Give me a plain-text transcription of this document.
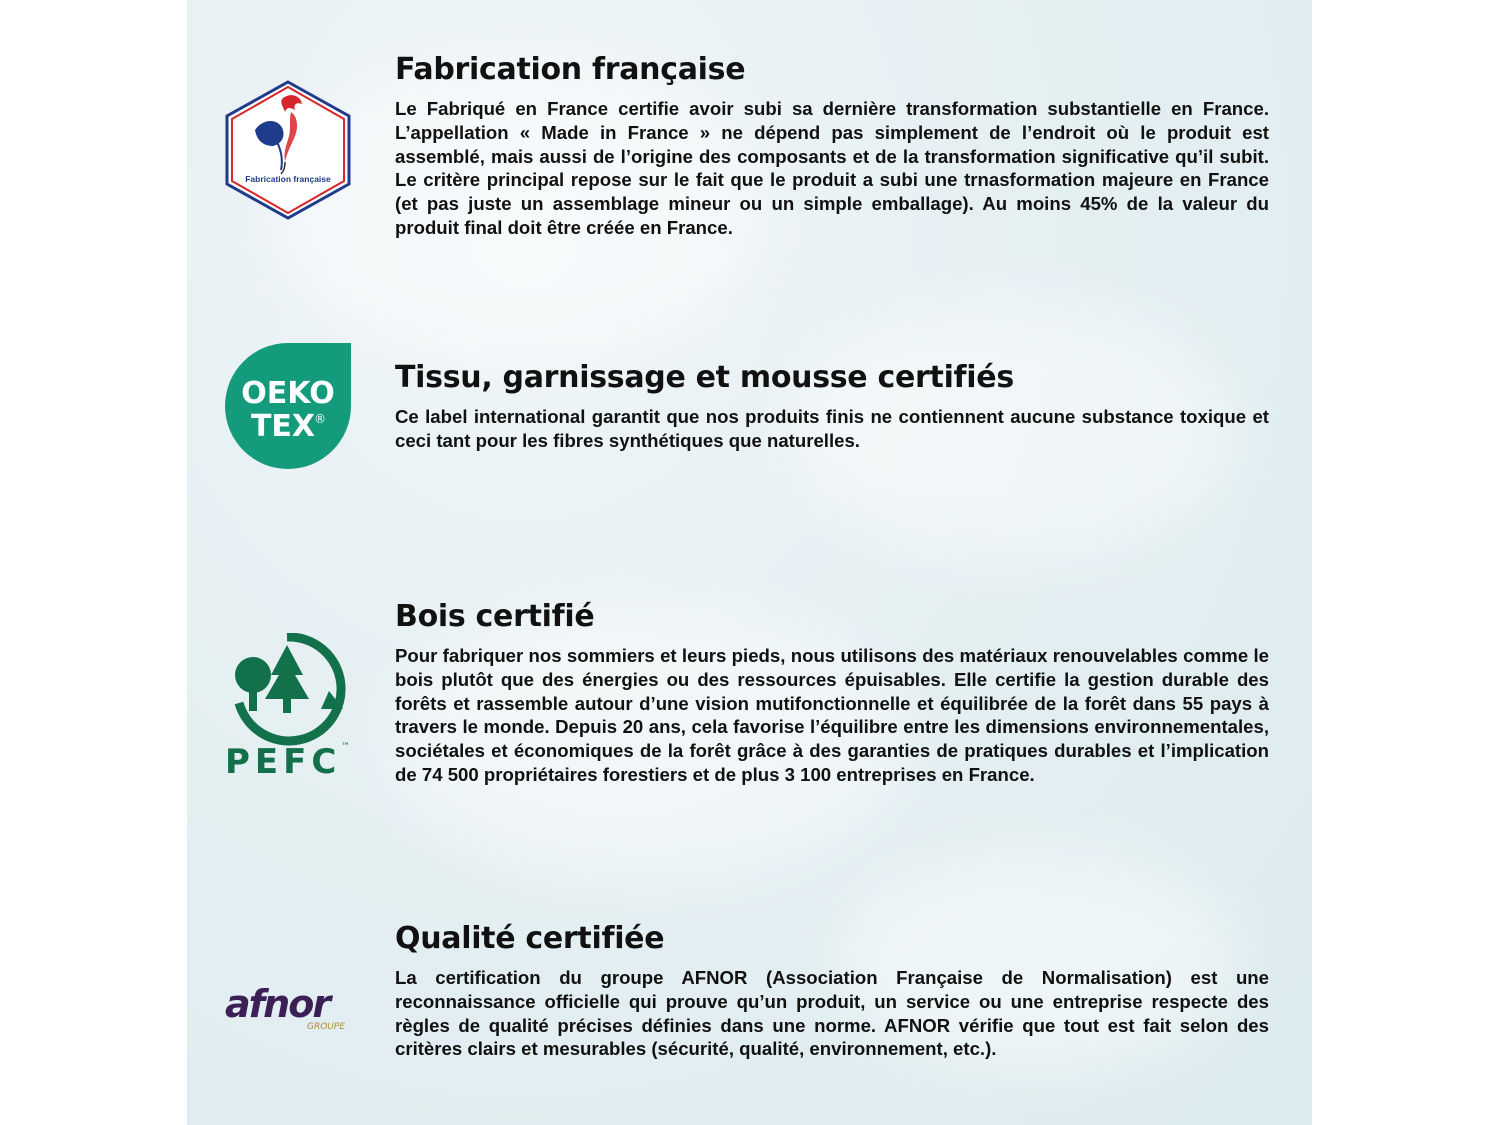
Fabrication française
Fabrication française

Le Fabriqué en France certifie avoir subi sa dernière transformation substantielle en France. L’appellation « Made in France » ne dépend pas simplement de l’endroit où le produit est assemblé, mais aussi de l’origine des composants et de la transformation significative qu’il subit. Le critère principal repose sur le fait que le produit a subi une trnasformation majeure en France (et pas juste un assemblage mineur ou un simple emballage). Au moins 45% de la valeur du produit final doit être créée en France.

OEKO
TEX
®
Tissu, garnissage et mousse certifiés

Ce label international garantit que nos produits finis ne contiennent aucune substance toxique et ceci tant pour les fibres synthétiques que naturelles.

PEFC ™
Bois certifié

Pour fabriquer nos sommiers et leurs pieds, nous utilisons des matériaux renouvelables comme le bois plutôt que des énergies ou des ressources épuisables. Elle certifie la gestion durable des forêts et rassemble autour d’une vision mutifonctionnelle et équilibrée de la forêt dans 55 pays à travers le monde. Depuis 20 ans, cela favorise l’équilibre entre les dimensions environnementales, sociétales et économiques de la forêt grâce à des garanties de pratiques durables et l’implication de 74 500 propriétaires forestiers et de plus 3 100 entreprises en France.

afnor
GROUPE
Qualité certifiée

La certification du groupe AFNOR (Association Française de Normalisation) est une reconnaissance officielle qui prouve qu’un produit, un service ou une entreprise respecte des règles de qualité précises définies dans une norme. AFNOR vérifie que tout est fait selon des critères clairs et mesurables (sécurité, qualité, environnement, etc.).
